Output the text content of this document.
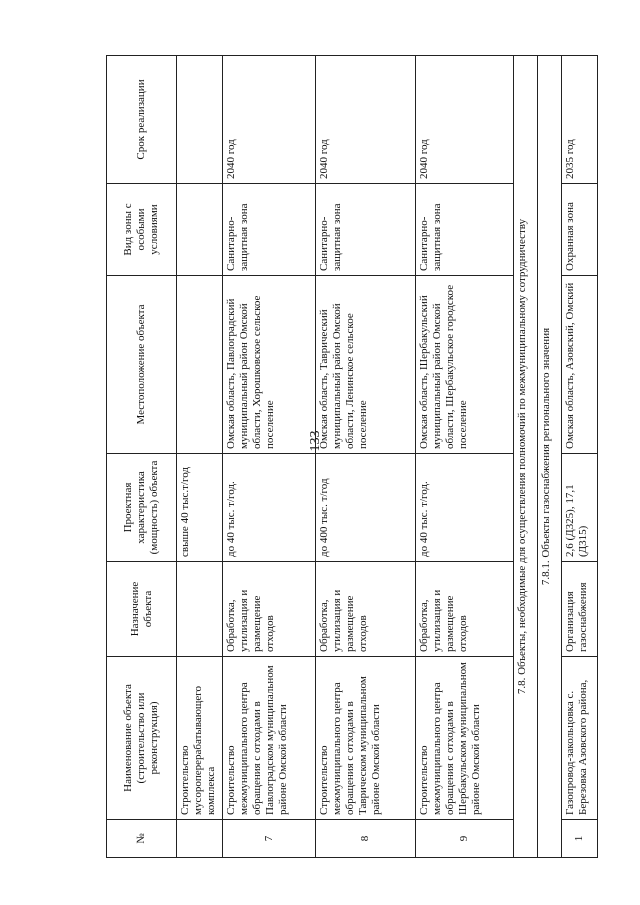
133
№	Наименование объекта (строительство или реконструкция)	Назначение объекта	Проектная характеристика (мощность) объекта	Местоположение объекта	Вид зоны с особыми условиями	Срок реализации
	Строительство мусороперерабатывающего комплекса		свыше 40 тыс.т/год			
7	Строительство межмуниципального центра обращения с отходами в Павлоградском муниципальном районе Омской области	Обработка, утилизация и размещение отходов	до 40 тыс. т/год.	Омская область, Павлоградский муниципальный район Омской области, Хорошковское сельское поселение	Санитарно-защитная зона	2040 год
8	Строительство межмуниципального центра обращения с отходами в Таврическом муниципальном районе Омской области	Обработка, утилизация и размещение отходов	до 400 тыс. т/год	Омская область, Таврический муниципальный район Омской области, Ленинское сельское поселение	Санитарно-защитная зона	2040 год
9	Строительство межмуниципального центра обращения с отходами в Шербакульском муниципальном районе Омской области	Обработка, утилизация и размещение отходов	до 40 тыс. т/год.	Омская область, Шербакульский муниципальный район Омской области, Шербакульское городское поселение	Санитарно-защитная зона	2040 год
7.8. Объекты, необходимые для осуществления полномочий по межмуниципальному сотрудничеству						
7.8.1. Объекты газоснабжения регионального значения						
1	Газопровод-закольцовка с. Березовка Азовского района,	Организация газоснабжения	2,6 (Д325), 17,1 (Д315)	Омская область, Азовский, Омский	Охранная зона	2035 год
